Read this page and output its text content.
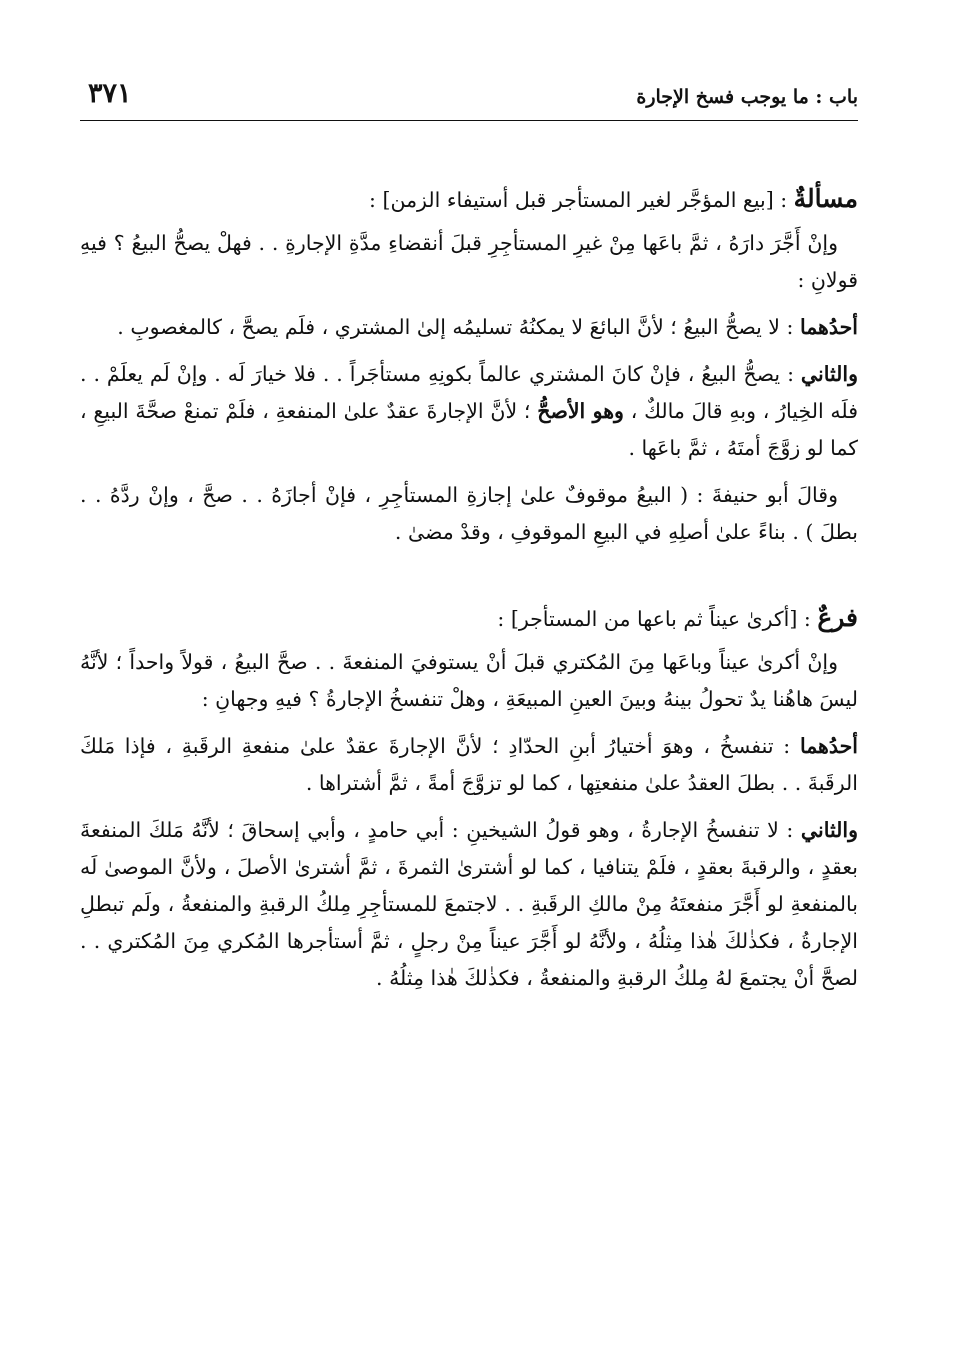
باب : ما يوجب فسخ الإجارة
٣٧١
مسألةٌ : [بيع المؤجَّر لغير المستأجر قبل أستيفاء الزمن] :

وإنْ أَجَّرَ دارَهُ ، ثمَّ باعَها مِنْ غيرِ المستأجِرِ قبلَ أنقضاءِ مدَّةِ الإجارةِ . . فهلْ يصحُّ البيعُ ؟ فيهِ قولانِ :

أحدُهما : لا يصحُّ البيعُ ؛ لأنَّ البائعَ لا يمكنُهُ تسليمُه إلىٰ المشتري ، فلَم يصحَّ ، كالمغصوبِ .

والثاني : يصحُّ البيعُ ، فإنْ كانَ المشتري عالماً بكونِهِ مستأجَراً . . فلا خيارَ لَه . وإنْ لَم يعلَمْ . . فلَه الخِيارُ ، وبهِ قالَ مالكٌ ، وهو الأصحُّ ؛ لأنَّ الإجارةَ عقدٌ علىٰ المنفعةِ ، فلَمْ تمنعْ صحَّةَ البيعِ ، كما لو زوَّجَ أمتَهُ ، ثمَّ باعَها .

وقالَ أبو حنيفةَ : ( البيعُ موقوفٌ علىٰ إجازةِ المستأجِرِ ، فإنْ أجازَهُ . . صحَّ ، وإنْ ردَّهُ . . بطلَ ) . بناءً علىٰ أصلِهِ في البيعِ الموقوفِ ، وقدْ مضىٰ .

فرعٌ : [أكرىٰ عيناً ثم باعها من المستأجر] :

وإنْ أكرىٰ عيناً وباعَها مِنَ المُكتري قبلَ أنْ يستوفيَ المنفعةَ . . صحَّ البيعُ ، قولاً واحداً ؛ لأنَّهُ ليسَ هاهُنا يدٌ تحولُ بينهُ وبينَ العينِ المبيعَةِ ، وهلْ تنفسخُ الإجارةُ ؟ فيهِ وجهانِ :

أحدُهما : تنفسخُ ، وهوَ أختيارُ أبنِ الحدّادِ ؛ لأنَّ الإجارةَ عقدٌ علىٰ منفعةِ الرقَبةِ ، فإذا مَلكَ الرقَبةَ . . بطلَ العقدُ علىٰ منفعتِها ، كما لو تزوَّجَ أمةً ، ثمَّ أشتراها .

والثاني : لا تنفسخُ الإجارةُ ، وهو قولُ الشيخينِ : أبي حامدٍ ، وأبي إسحاقَ ؛ لأنَّهُ مَلكَ المنفعةَ بعقدٍ ، والرقبةَ بعقدٍ ، فلَمْ يتنافيا ، كما لو أشترىٰ الثمرةَ ، ثمَّ أشترىٰ الأصلَ ، ولأنَّ الموصىٰ لَه بالمنفعةِ لو أَجَّرَ منفعتَهُ مِنْ مالكِ الرقَبةِ . . لاجتمعَ للمستأجِرِ مِلكُ الرقبةِ والمنفعةُ ، ولَم تبطلِ الإجارةُ ، فكذٰلكَ هٰذا مِثلُهُ ، ولأنَّهُ لو أَجَّرَ عيناً مِنْ رجلٍ ، ثمَّ أستأجرها المُكري مِنَ المُكتري . . لصحَّ أنْ يجتمعَ لهُ مِلكُ الرقبةِ والمنفعةُ ، فكذٰلكَ هٰذا مِثلُهُ .
